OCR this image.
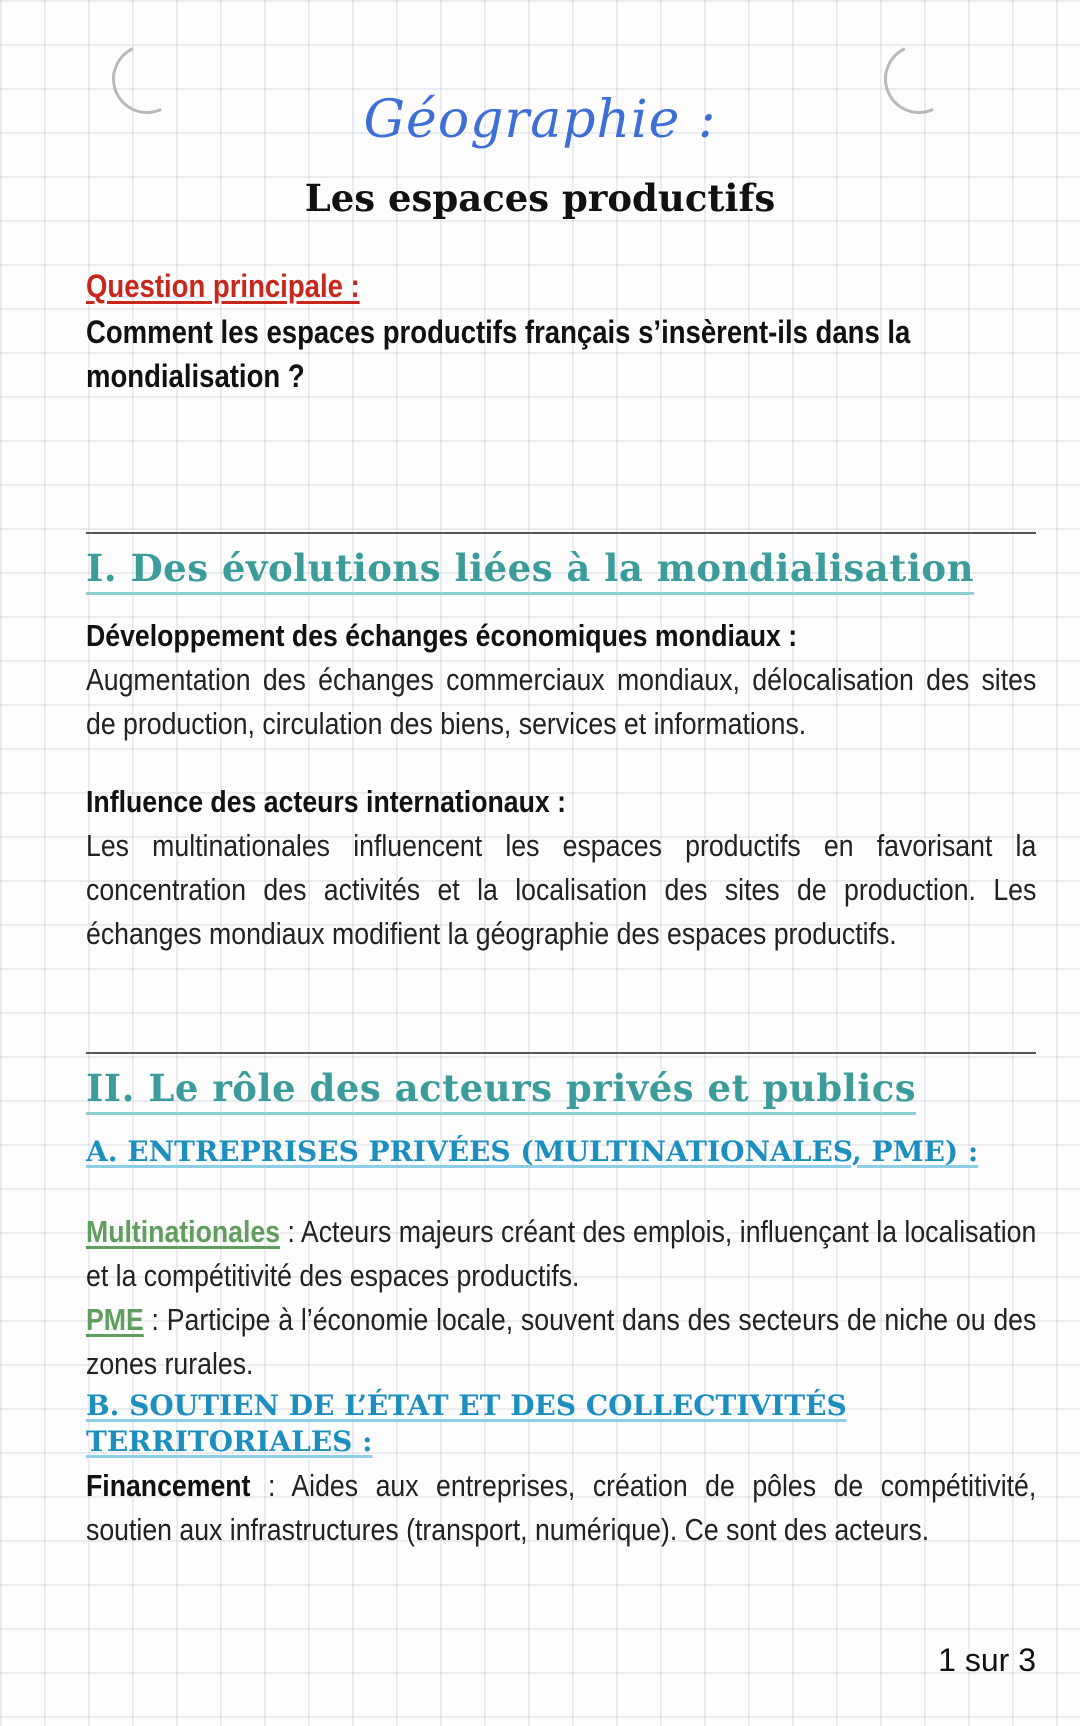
Géographie :
Les espaces productifs
Question principale :
Comment les espaces productifs français s’insèrent-ils dans la mondialisation ?
I. Des évolutions liées à la mondialisation
Développement des échanges économiques mondiaux :
Augmentation des échanges commerciaux mondiaux, délocalisation des sites de production, circulation des biens, services et informations.
Influence des acteurs internationaux :
Les multinationales influencent les espaces productifs en favorisant la concentration des activités et la localisation des sites de production. Les échanges mondiaux modifient la géographie des espaces productifs.
II. Le rôle des acteurs privés et publics
A. ENTREPRISES PRIVÉES (MULTINATIONALES, PME) :
Multinationales : Acteurs majeurs créant des emplois, influençant la localisation et la compétitivité des espaces productifs.
PME : Participe à l’économie locale, souvent dans des secteurs de niche ou des zones rurales.
B. SOUTIEN DE L’ÉTAT ET DES COLLECTIVITÉS TERRITORIALES :
Financement : Aides aux entreprises, création de pôles de compétitivité, soutien aux infrastructures (transport, numérique). Ce sont des acteurs.
1 sur 3
